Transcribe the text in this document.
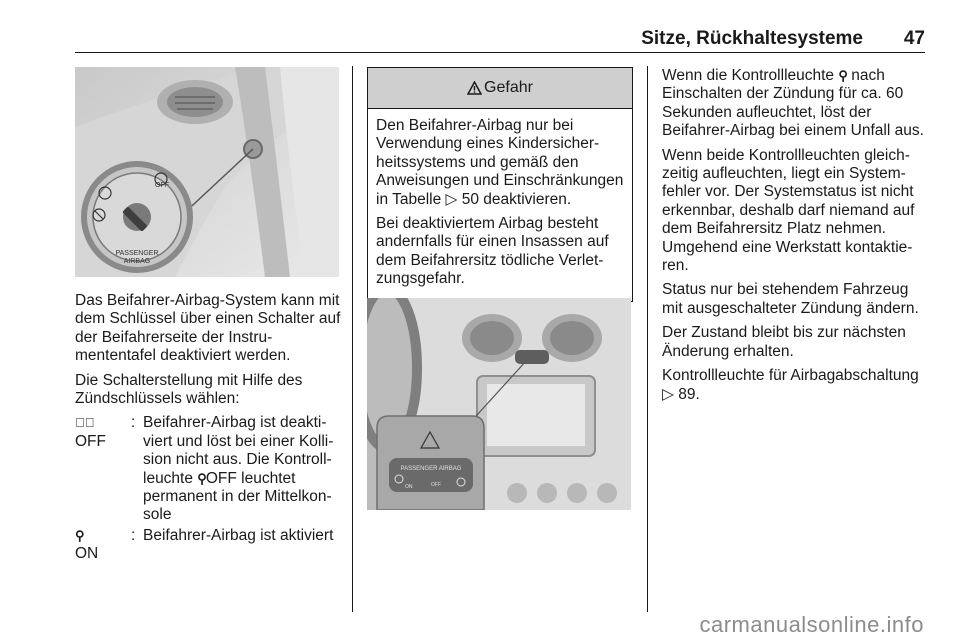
Sitze, Rückhaltesysteme 47
PASSENGER
AIRBAG
OFF

Das Beifahrer-Airbag-System kann mit dem Schlüssel über einen Schalter auf der Beifahrerseite der Instrumententafel deaktiviert werden.

Die Schalterstellung mit Hilfe des Zündschlüssels wählen:

🚸⃠
OFF
: Beifahrer-Airbag ist deaktiviert und löst bei einer Kollision nicht aus. Die Kontrollleuchte ⚲OFF leuchtet permanent in der Mittelkonsole
⚲
ON
: Beifahrer-Airbag ist aktiviert
Gefahr

Den Beifahrer-Airbag nur bei Verwendung eines Kindersicherheitssystems und gemäß den Anweisungen und Einschränkungen in Tabelle ▷ 50 deaktivieren.

Bei deaktiviertem Airbag besteht andernfalls für einen Insassen auf dem Beifahrersitz tödliche Verletzungsgefahr.

PASSENGER AIRBAG
ON	OFF

Wenn die Kontrollleuchte ⚲ nach Einschalten der Zündung für ca. 60 Sekunden aufleuchtet, löst der Beifahrer-Airbag bei einem Unfall aus.

Wenn beide Kontrollleuchten gleichzeitig aufleuchten, liegt ein Systemfehler vor. Der Systemstatus ist nicht erkennbar, deshalb darf niemand auf dem Beifahrersitz Platz nehmen. Umgehend eine Werkstatt kontaktieren.

Status nur bei stehendem Fahrzeug mit ausgeschalteter Zündung ändern.

Der Zustand bleibt bis zur nächsten Änderung erhalten.

Kontrollleuchte für Airbagabschaltung ▷ 89.

carmanualsonline.info
